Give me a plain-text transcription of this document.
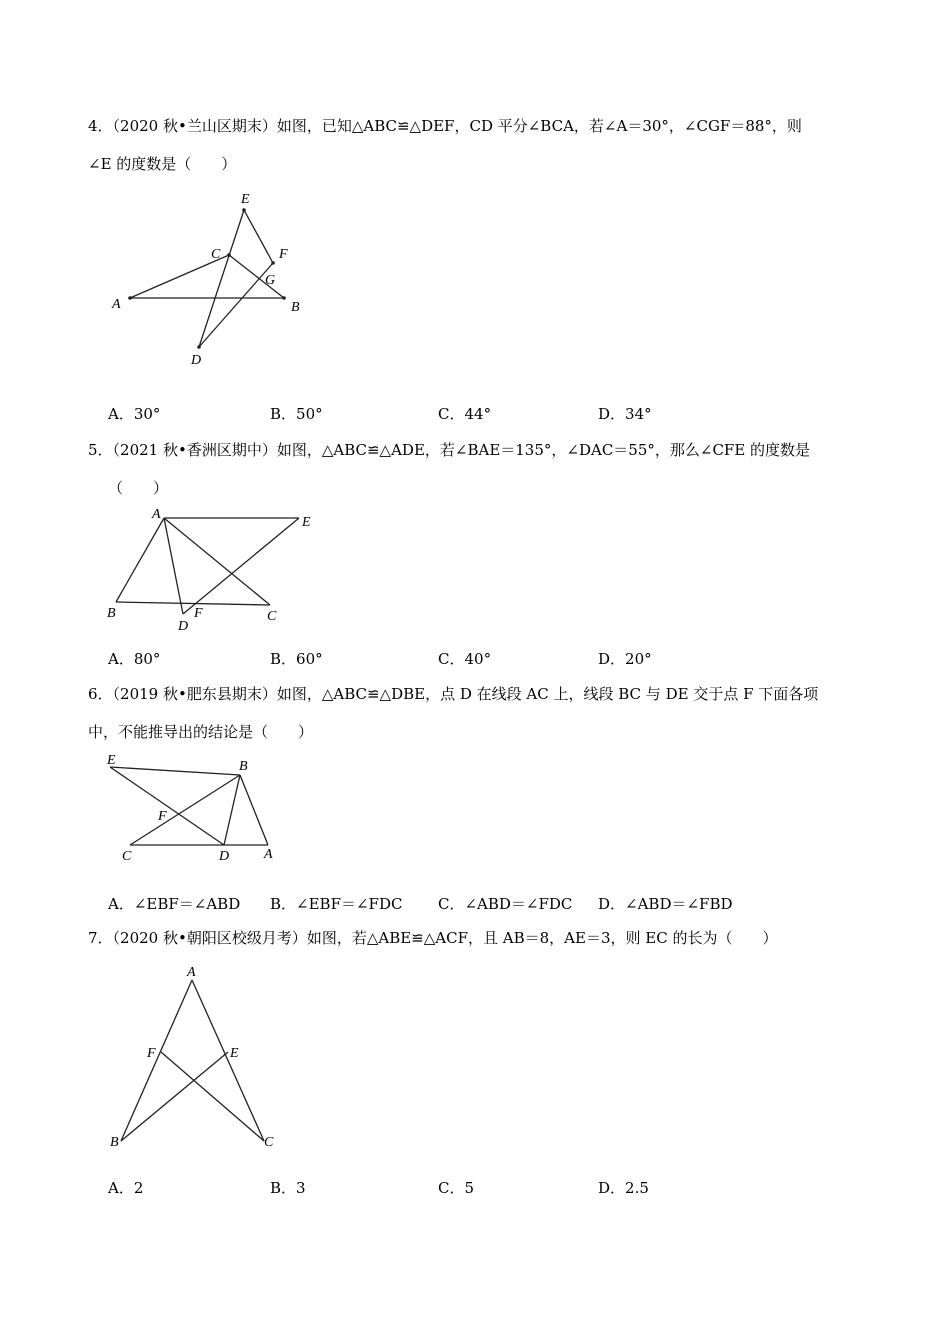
4．（2020 秋•兰山区期末）如图，已知△ABC≌△DEF，CD 平分∠BCA，若∠A＝30°，∠CGF＝88°，则
∠E 的度数是（　　）
E
C	F
G
A	B
D
A．30°	B．50°	C．44°	D．34°
5．（2021 秋•香洲区期中）如图，△ABC≌△ADE，若∠BAE＝135°，∠DAC＝55°，那么∠CFE 的度数是
（　　）
A
E
B	F	C
D
A．80°	B．60°	C．40°	D．20°
6．（2019 秋•肥东县期末）如图，△ABC≌△DBE，点 D 在线段 AC 上，线段 BC 与 DE 交于点 F 下面各项
中，不能推导出的结论是（　　）
E	B
F
C	D A
A．∠EBF＝∠ABD B．∠EBF＝∠FDC C．∠ABD＝∠FDC D．∠ABD＝∠FBD
7．（2020 秋•朝阳区校级月考）如图，若△ABE≌△ACF，且 AB＝8，AE＝3，则 EC 的长为（　　）
A
F	E
B	C
A．2	B．3	C．5	D．2.5
